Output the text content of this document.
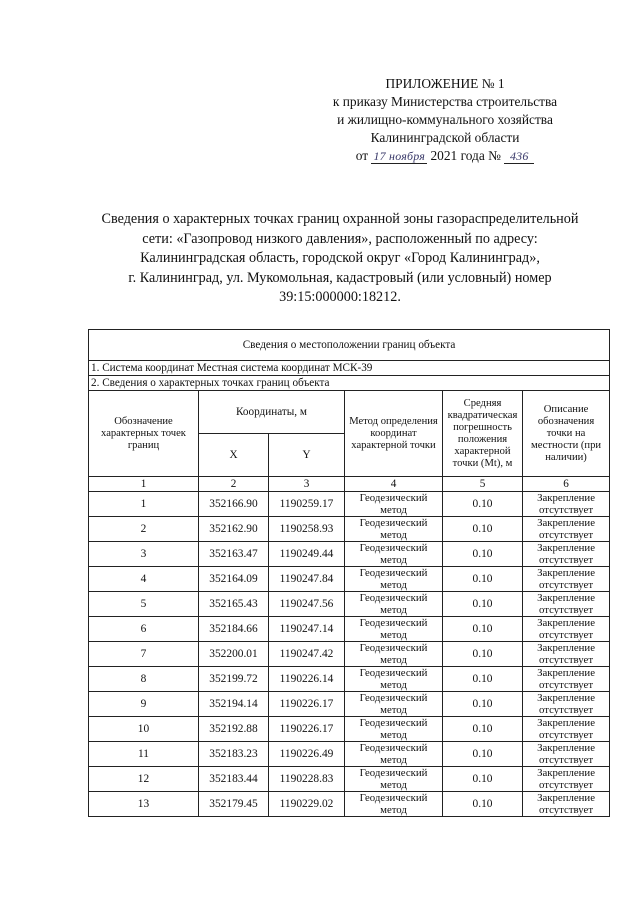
ПРИЛОЖЕНИЕ № 1
к приказу Министерства строительства
и жилищно-коммунального хозяйства
Калининградской области
от 17 ноября 2021 года № 436
Сведения о характерных точках границ охранной зоны газораспределительной
сети: «Газопровод низкого давления», расположенный по адресу:
Калининградская область, городской округ «Город Калининград»,
г. Калининград, ул. Мукомольная, кадастровый (или условный) номер
39:15:000000:18212.
Сведения о местоположении границ объекта					
1. Система координат Местная система координат МСК-39					
2. Сведения о характерных точках границ объекта					
Обозначение характерных точек границ	Координаты, м		Метод определения координат характерной точки	Средняя квадратическая погрешность положения характерной точки (Mt), м	Описание обозначения точки на местности (при наличии)
	X	Y			
1	2	3	4	5	6
1	352166.90	1190259.17	Геодезический метод	0.10	Закрепление отсутствует
2	352162.90	1190258.93	Геодезический метод	0.10	Закрепление отсутствует
3	352163.47	1190249.44	Геодезический метод	0.10	Закрепление отсутствует
4	352164.09	1190247.84	Геодезический метод	0.10	Закрепление отсутствует
5	352165.43	1190247.56	Геодезический метод	0.10	Закрепление отсутствует
6	352184.66	1190247.14	Геодезический метод	0.10	Закрепление отсутствует
7	352200.01	1190247.42	Геодезический метод	0.10	Закрепление отсутствует
8	352199.72	1190226.14	Геодезический метод	0.10	Закрепление отсутствует
9	352194.14	1190226.17	Геодезический метод	0.10	Закрепление отсутствует
10	352192.88	1190226.17	Геодезический метод	0.10	Закрепление отсутствует
11	352183.23	1190226.49	Геодезический метод	0.10	Закрепление отсутствует
12	352183.44	1190228.83	Геодезический метод	0.10	Закрепление отсутствует
13	352179.45	1190229.02	Геодезический метод	0.10	Закрепление отсутствует
